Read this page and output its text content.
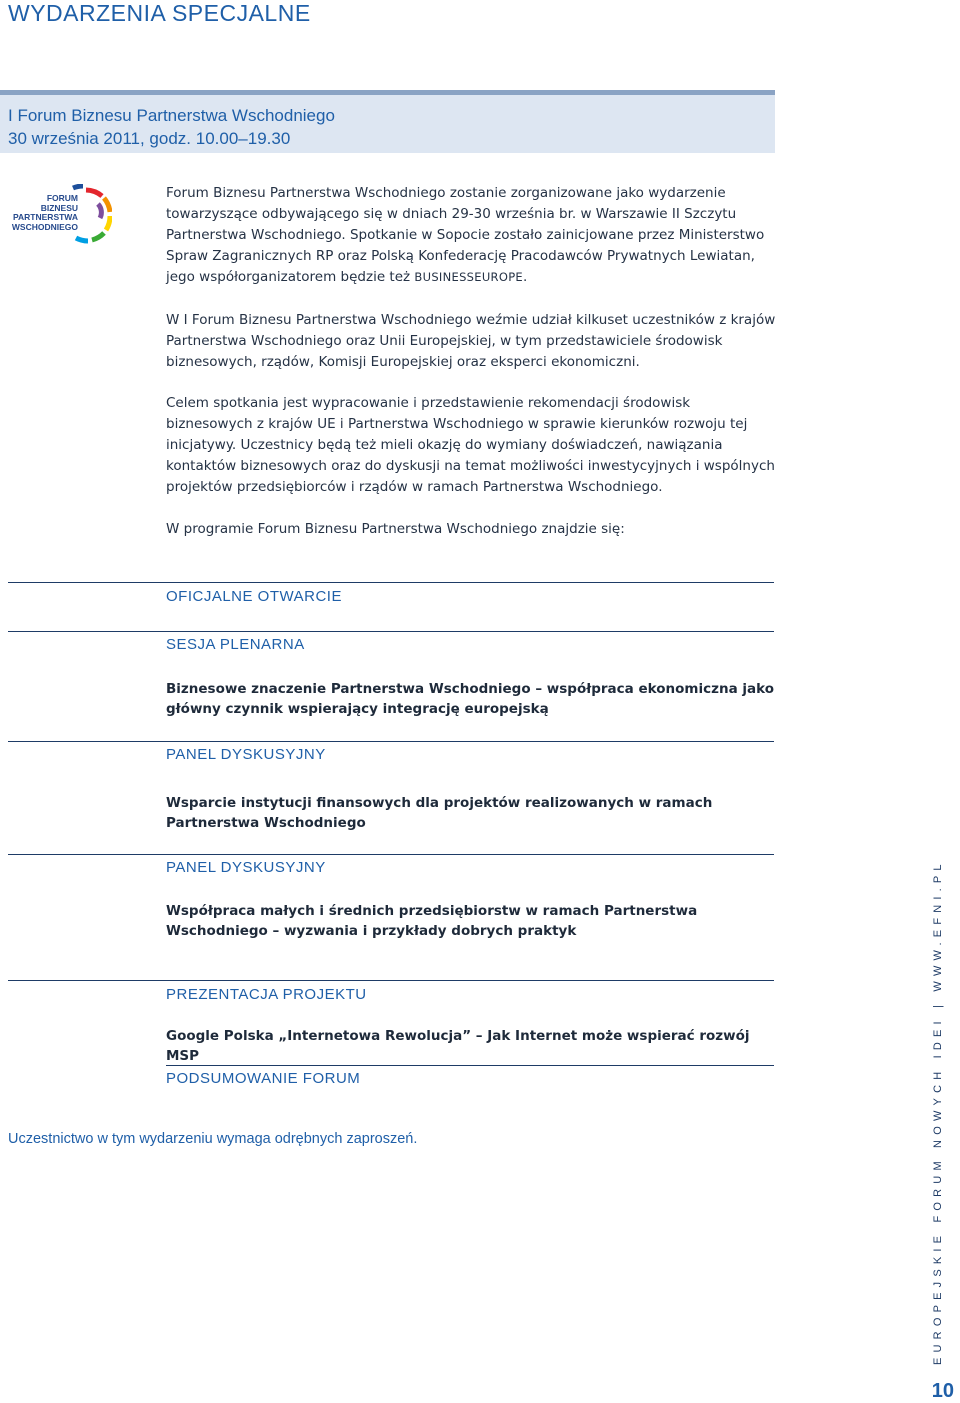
WYDARZENIA SPECJALNE
I Forum Biznesu Partnerstwa Wschodniego
30 września 2011, godz. 10.00–19.30
FORUM
BIZNESU
PARTNERSTWA
WSCHODNIEGO
Forum Biznesu Partnerstwa Wschodniego zostanie zorganizowane jako wydarzenie towarzyszące odbywającego się w dniach 29-30 września br. w Warszawie II Szczytu Partnerstwa Wschodniego. Spotkanie w Sopocie zostało zainicjowane przez Ministerstwo Spraw Zagranicznych RP oraz Polską Konfederację Pracodawców Prywatnych Lewiatan, jego współorganizatorem będzie też BUSINESSEUROPE.
W I Forum Biznesu Partnerstwa Wschodniego weźmie udział kilkuset uczestników z krajów Partnerstwa Wschodniego oraz Unii Europejskiej, w tym przedstawiciele środowisk biznesowych, rządów, Komisji Europejskiej oraz eksperci ekonomiczni.
Celem spotkania jest wypracowanie i przedstawienie rekomendacji środowisk biznesowych z krajów UE i Partnerstwa Wschodniego w sprawie kierunków rozwoju tej inicjatywy. Uczestnicy będą też mieli okazję do wymiany doświadczeń, nawiązania kontaktów biznesowych oraz do dyskusji na temat możliwości inwestycyjnych i wspólnych projektów przedsiębiorców i rządów w ramach Partnerstwa Wschodniego.
W programie Forum Biznesu Partnerstwa Wschodniego znajdzie się:
OFICJALNE OTWARCIE
SESJA PLENARNA
Biznesowe znaczenie Partnerstwa Wschodniego – współpraca ekonomiczna jako główny czynnik wspierający integrację europejską
PANEL DYSKUSYJNY
Wsparcie instytucji finansowych dla projektów realizowanych w ramach Partnerstwa Wschodniego
PANEL DYSKUSYJNY
Współpraca małych i średnich przedsiębiorstw w ramach Partnerstwa Wschodniego – wyzwania i przykłady dobrych praktyk
PREZENTACJA PROJEKTU
Google Polska „Internetowa Rewolucja” – Jak Internet może wspierać rozwój MSP
PODSUMOWANIE FORUM
Uczestnictwo w tym wydarzeniu wymaga odrębnych zaproszeń.	EUROPEJSKIE FORUM NOWYCH IDEI | WWW.EFNI.PL
10
